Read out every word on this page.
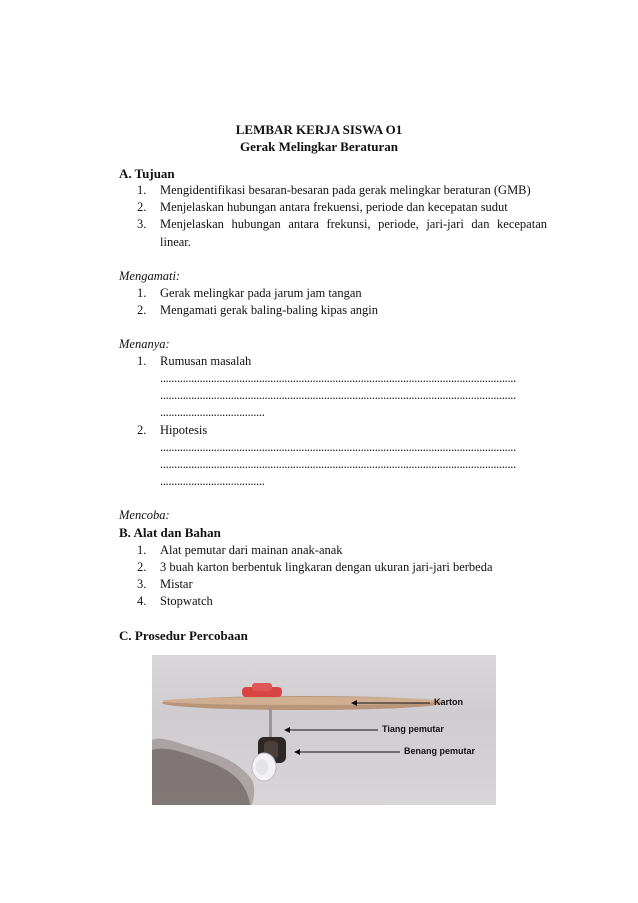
LEMBAR KERJA SISWA O1
Gerak Melingkar Beraturan
A. Tujuan
1. Mengidentifikasi besaran-besaran pada gerak melingkar beraturan (GMB)
2. Menjelaskan hubungan antara frekuensi, periode dan kecepatan sudut
3. Menjelaskan hubungan antara frekunsi, periode, jari-jari dan kecepatan
linear.
Mengamati:
1. Gerak melingkar pada jarum jam tangan
2. Mengamati gerak baling-baling kipas angin
Menanya:
1. Rumusan masalah
..............................................................................................................................
..............................................................................................................................
.....................................
2. Hipotesis
..............................................................................................................................
..............................................................................................................................
.....................................
Mencoba:
B. Alat dan Bahan
1. Alat pemutar dari mainan anak-anak
2. 3 buah karton berbentuk lingkaran dengan ukuran jari-jari berbeda
3. Mistar
4. Stopwatch
C. Prosedur Percobaan
Karton
Tiang pemutar
Benang pemutar
